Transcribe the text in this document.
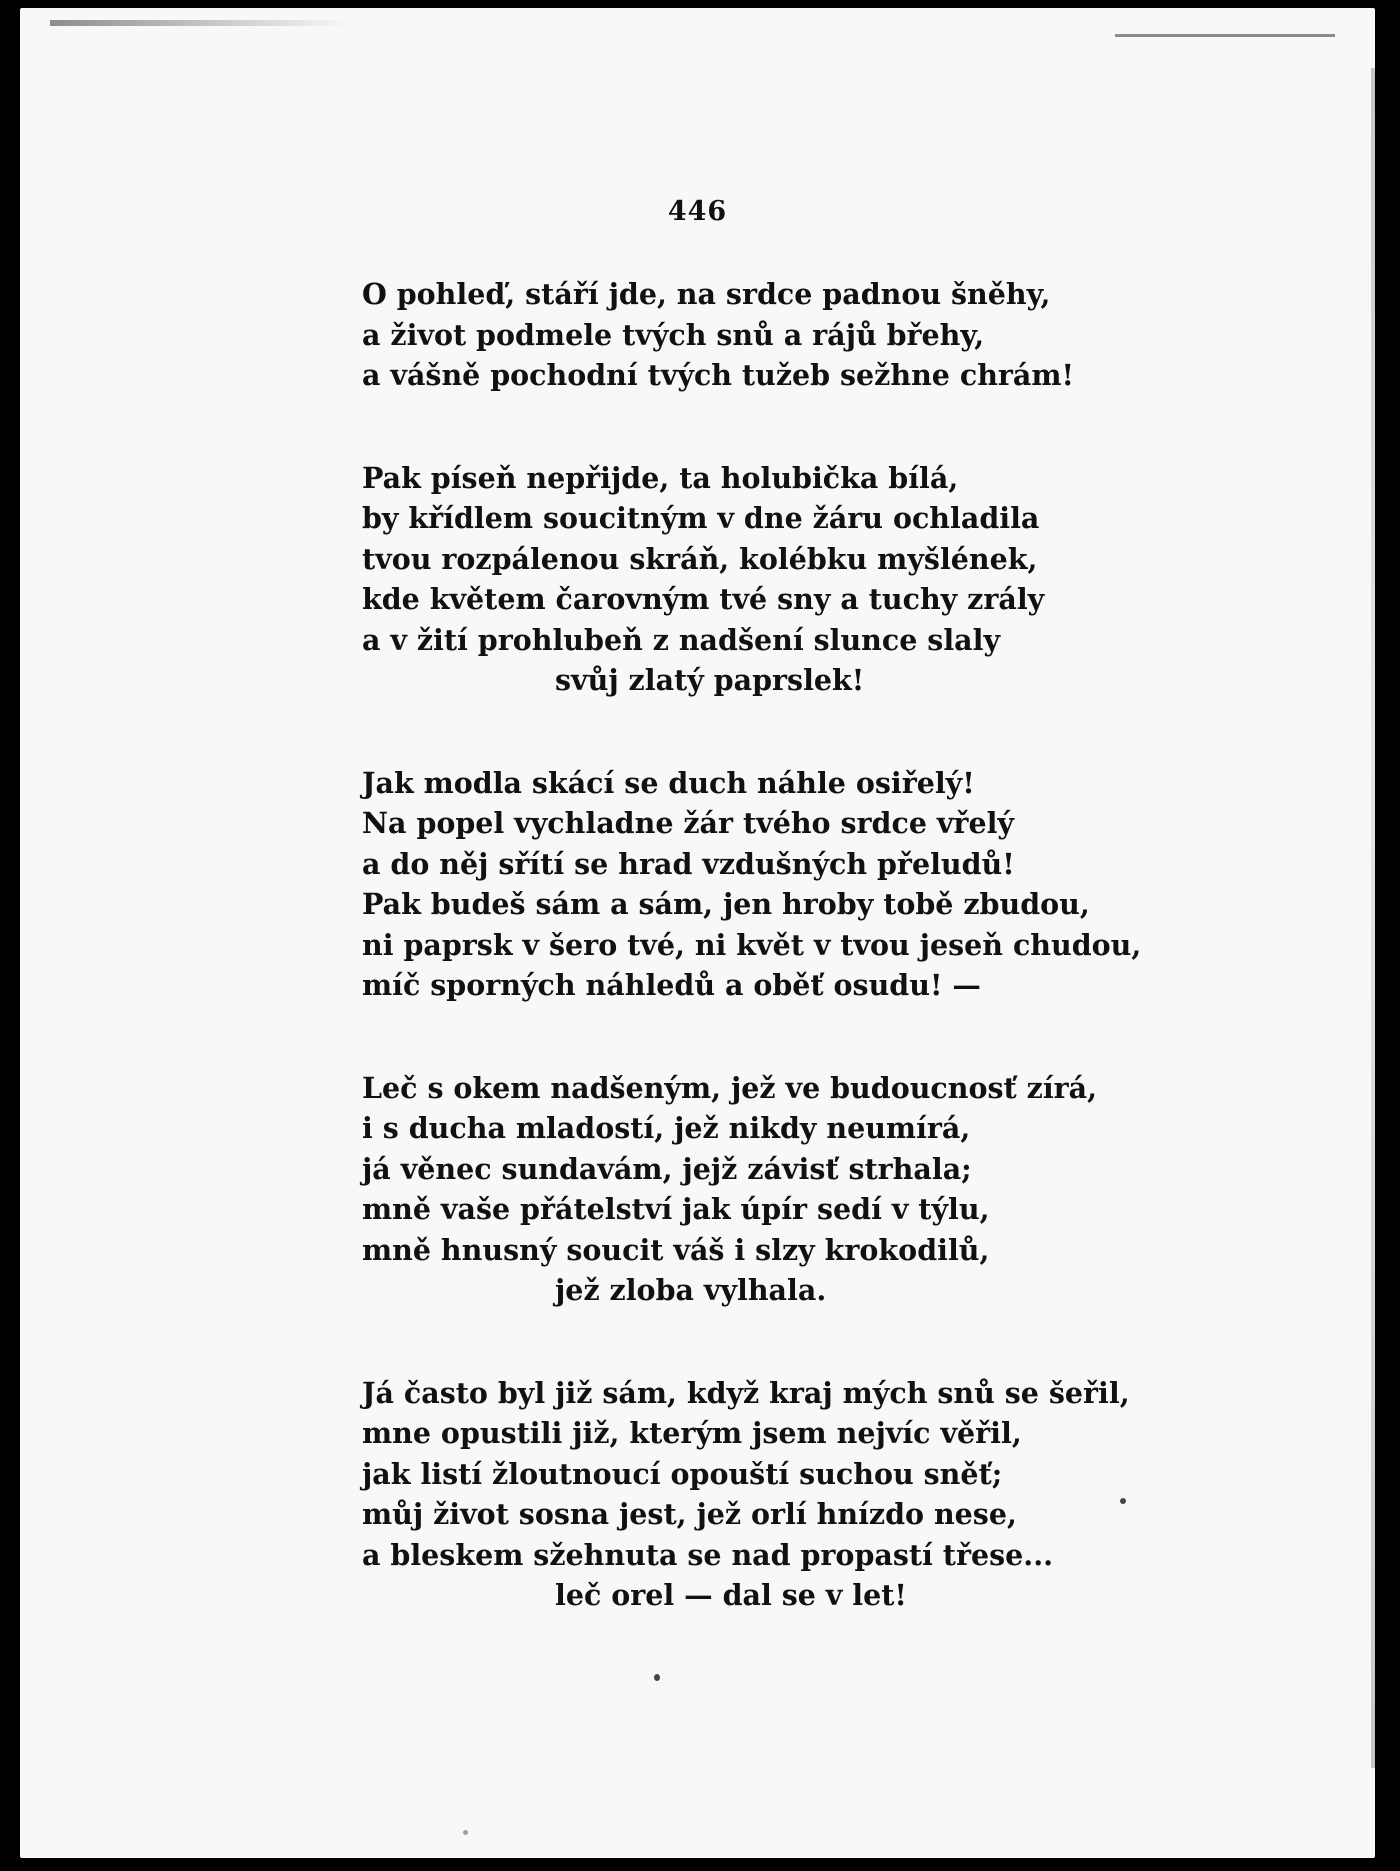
446
O pohleď, stáří jde, na srdce padnou šněhy,
a život podmele tvých snů a rájů břehy,
a vášně pochodní tvých tužeb sežhne chrám!
Pak píseň nepřijde, ta holubička bílá,
by křídlem soucitným v dne žáru ochladila
tvou rozpálenou skráň, kolébku myšlének,
kde květem čarovným tvé sny a tuchy zrály
a v žití prohlubeň z nadšení slunce slaly
svůj zlatý paprslek!
Jak modla skácí se duch náhle osiřelý!
Na popel vychladne žár tvého srdce vřelý
a do něj sřítí se hrad vzdušných přeludů!
Pak budeš sám a sám, jen hroby tobě zbudou,
ni paprsk v šero tvé, ni květ v tvou jeseň chudou,
míč sporných náhledů a oběť osudu! —
Leč s okem nadšeným, jež ve budoucnosť zírá,
i s ducha mladostí, jež nikdy neumírá,
já věnec sundavám, jejž závisť strhala;
mně vaše přátelství jak úpír sedí v týlu,
mně hnusný soucit váš i slzy krokodilů,
jež zloba vylhala.
Já často byl již sám, když kraj mých snů se šeřil,
mne opustili již, kterým jsem nejvíc věřil,
jak listí žloutnoucí opouští suchou sněť;
můj život sosna jest, jež orlí hnízdo nese,
a bleskem sžehnuta se nad propastí třese...
leč orel — dal se v let!
